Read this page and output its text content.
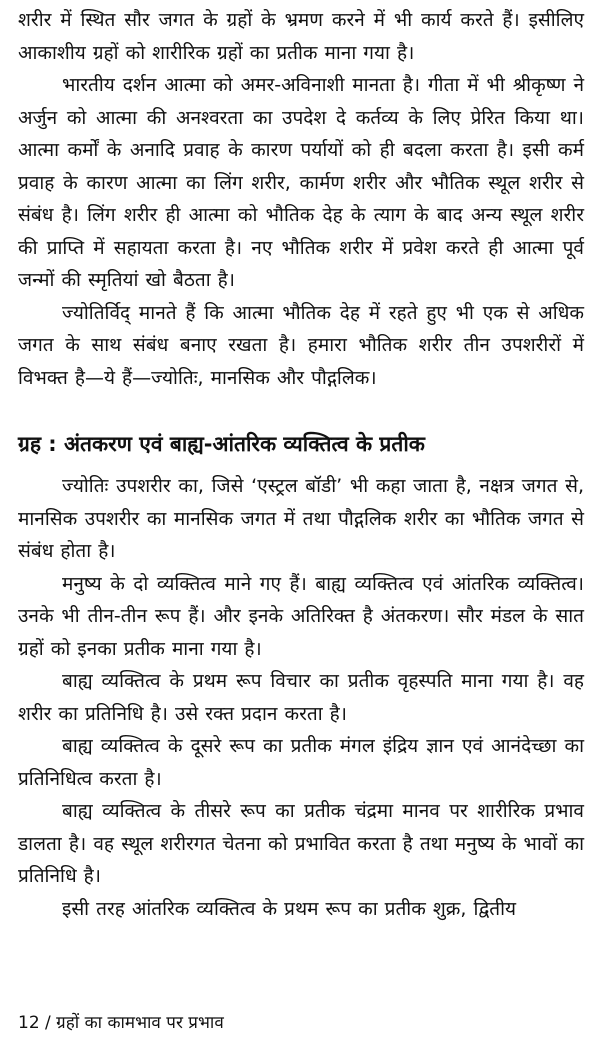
शरीर में स्थित सौर जगत के ग्रहों के भ्रमण करने में भी कार्य करते हैं। इसीलिए आकाशीय ग्रहों को शारीरिक ग्रहों का प्रतीक माना गया है।

भारतीय दर्शन आत्मा को अमर-अविनाशी मानता है। गीता में भी श्रीकृष्ण ने अर्जुन को आत्मा की अनश्वरता का उपदेश दे कर्तव्य के लिए प्रेरित किया था। आत्मा कर्मों के अनादि प्रवाह के कारण पर्यायों को ही बदला करता है। इसी कर्म प्रवाह के कारण आत्मा का लिंग शरीर, कार्मण शरीर और भौतिक स्थूल शरीर से संबंध है। लिंग शरीर ही आत्मा को भौतिक देह के त्याग के बाद अन्य स्थूल शरीर की प्राप्ति में सहायता करता है। नए भौतिक शरीर में प्रवेश करते ही आत्मा पूर्व जन्मों की स्मृतियां खो बैठता है।

ज्योतिर्विद् मानते हैं कि आत्मा भौतिक देह में रहते हुए भी एक से अधिक जगत के साथ संबंध बनाए रखता है। हमारा भौतिक शरीर तीन उपशरीरों में विभक्त है—ये हैं—ज्योतिः, मानसिक और पौद्गलिक।

ग्रह : अंतकरण एवं बाह्य-आंतरिक व्यक्तित्व के प्रतीक

ज्योतिः उपशरीर का, जिसे ‘एस्ट्रल बॉडी’ भी कहा जाता है, नक्षत्र जगत से, मानसिक उपशरीर का मानसिक जगत में तथा पौद्गलिक शरीर का भौतिक जगत से संबंध होता है।

मनुष्य के दो व्यक्तित्व माने गए हैं। बाह्य व्यक्तित्व एवं आंतरिक व्यक्तित्व। उनके भी तीन-तीन रूप हैं। और इनके अतिरिक्त है अंतकरण। सौर मंडल के सात ग्रहों को इनका प्रतीक माना गया है।

बाह्य व्यक्तित्व के प्रथम रूप विचार का प्रतीक वृहस्पति माना गया है। वह शरीर का प्रतिनिधि है। उसे रक्त प्रदान करता है।

बाह्य व्यक्तित्व के दूसरे रूप का प्रतीक मंगल इंद्रिय ज्ञान एवं आनंदेच्छा का प्रतिनिधित्व करता है।

बाह्य व्यक्तित्व के तीसरे रूप का प्रतीक चंद्रमा मानव पर शारीरिक प्रभाव डालता है। वह स्थूल शरीरगत चेतना को प्रभावित करता है तथा मनुष्य के भावों का प्रतिनिधि है।

इसी तरह आंतरिक व्यक्तित्व के प्रथम रूप का प्रतीक शुक्र, द्वितीय

12 / ग्रहों का कामभाव पर प्रभाव
